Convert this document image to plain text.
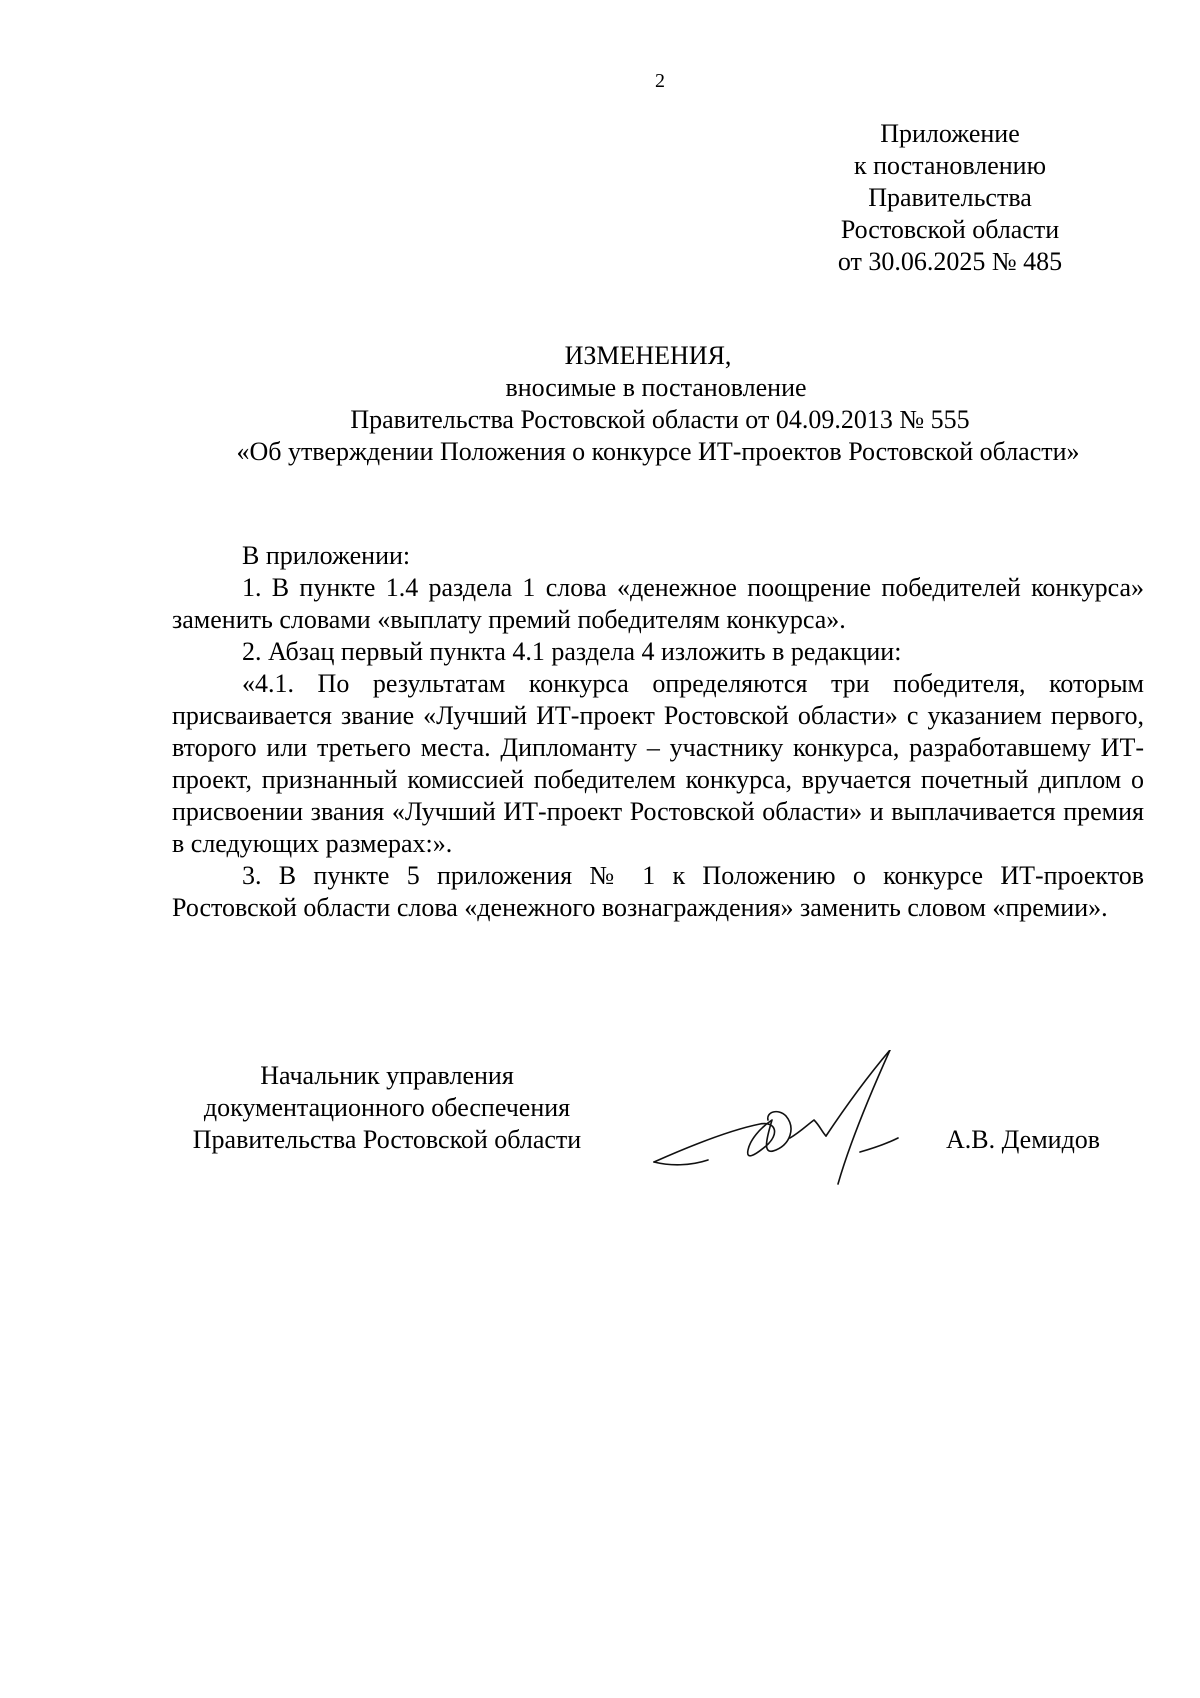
2
Приложение
к постановлению
Правительства
Ростовской области
от 30.06.2025 № 485
ИЗМЕНЕНИЯ,
вносимые в постановление
Правительства Ростовской области от 04.09.2013 № 555
«Об утверждении Положения о конкурсе ИТ-проектов Ростовской области»

В приложении:

1. В пункте 1.4 раздела 1 слова «денежное поощрение победителей конкурса» заменить словами «выплату премий победителям конкурса».

2. Абзац первый пункта 4.1 раздела 4 изложить в редакции:

«4.1. По результатам конкурса определяются три победителя, которым присваивается звание «Лучший ИТ-проект Ростовской области» с указанием первого, второго или третьего места. Дипломанту – участнику конкурса, разработавшему ИТ-проект, признанный комиссией победителем конкурса, вручается почетный диплом о присвоении звания «Лучший ИТ-проект Ростовской области» и выплачивается премия в следующих размерах:».

3. В пункте 5 приложения № 1 к Положению о конкурсе ИТ-проектов Ростовской области слова «денежного вознаграждения» заменить словом «премии».

Начальник управления
документационного обеспечения
Правительства Ростовской области	А.В. Демидов
